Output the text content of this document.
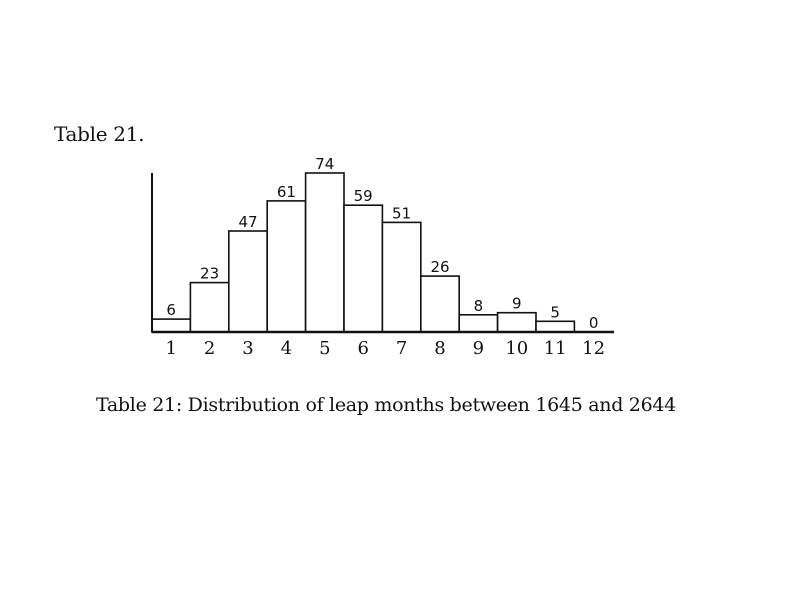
Table 21.
6
23
47
61
74
59
51
26
8 9 5
0
1 2 3 4 5 6 7 8 9 10 11 12
Table 21: Distribution of leap months between 1645 and 2644
